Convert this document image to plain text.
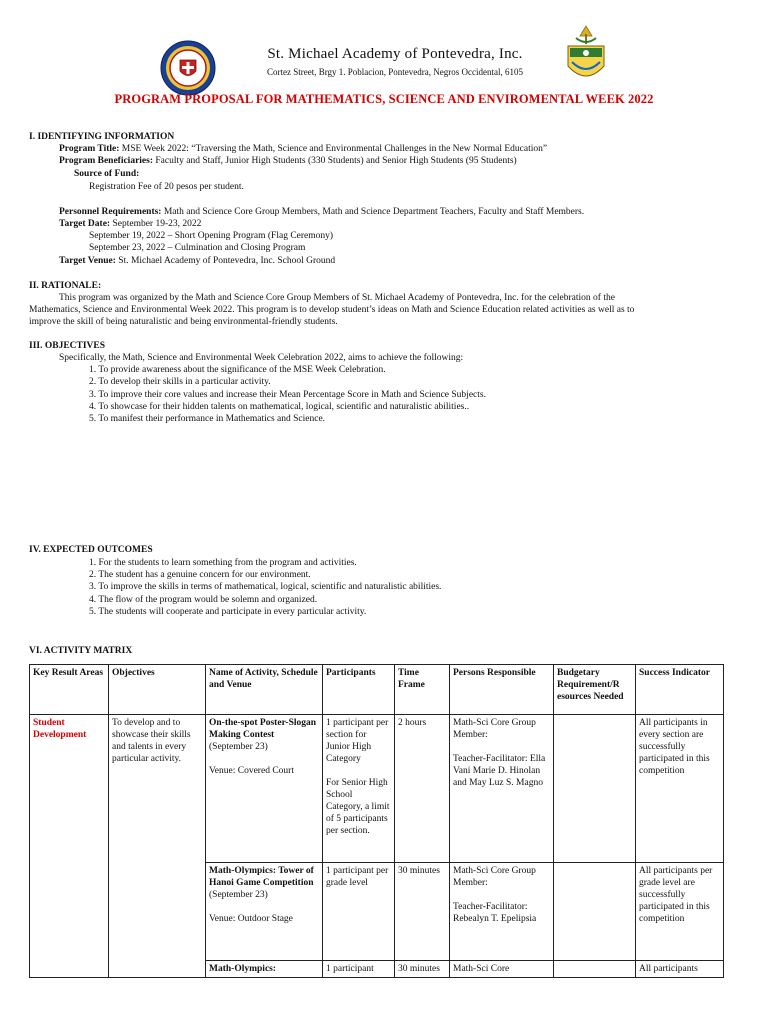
St. Michael Academy of Pontevedra, Inc.
Cortez Street, Brgy 1. Poblacion, Pontevedra, Negros Occidental, 6105
PROGRAM PROPOSAL FOR MATHEMATICS, SCIENCE AND ENVIROMENTAL WEEK 2022
I. IDENTIFYING INFORMATION
Program Title: MSE Week 2022: “Traversing the Math, Science and Environmental Challenges in the New Normal Education”
Program Beneficiaries: Faculty and Staff, Junior High Students (330 Students) and Senior High Students (95 Students)
Source of Fund:
Registration Fee of 20 pesos per student.
Personnel Requirements: Math and Science Core Group Members, Math and Science Department Teachers, Faculty and Staff Members.
Target Date: September 19-23, 2022
September 19, 2022 – Short Opening Program (Flag Ceremony)
September 23, 2022 – Culmination and Closing Program
Target Venue: St. Michael Academy of Pontevedra, Inc. School Ground
II. RATIONALE:
This program was organized by the Math and Science Core Group Members of St. Michael Academy of Pontevedra, Inc. for the celebration of the
Mathematics, Science and Environmental Week 2022. This program is to develop student’s ideas on Math and Science Education related activities as well as to
improve the skill of being naturalistic and being environmental-friendly students.
III. OBJECTIVES
Specifically, the Math, Science and Environmental Week Celebration 2022, aims to achieve the following:
1. To provide awareness about the significance of the MSE Week Celebration.
2. To develop their skills in a particular activity.
3. To improve their core values and increase their Mean Percentage Score in Math and Science Subjects.
4. To showcase for their hidden talents on mathematical, logical, scientific and naturalistic abilities..
5. To manifest their performance in Mathematics and Science.
IV. EXPECTED OUTCOMES
1. For the students to learn something from the program and activities.
2. The student has a genuine concern for our environment.
3. To improve the skills in terms of mathematical, logical, scientific and naturalistic abilities.
4. The flow of the program would be solemn and organized.
5. The students will cooperate and participate in every particular activity.
VI. ACTIVITY MATRIX
Key Result Areas	Objectives	Name of Activity, Schedule and Venue	Participants	Time Frame	Persons Responsible	Budgetary Requirement/R esources Needed	Success Indicator
Student Development	To develop and to showcase their skills and talents in every particular activity.	On-the-spot Poster-Slogan Making Contest
(September 23)
Venue: Covered Court	1 participant per section for Junior High Category
For Senior High School Category, a limit of 5 participants per section.	2 hours	Math-Sci Core Group Member:
Teacher-Facilitator: Ella Vani Marie D. Hinolan and May Luz S. Magno		All participants in every section are successfully participated in this competition

		Math-Olympics: Tower of Hanoi Game Competition
(September 23)
Venue: Outdoor Stage	1 participant per grade level	30 minutes	Math-Sci Core Group Member:
Teacher-Facilitator: Rebealyn T. Epelipsia		All participants per grade level are successfully participated in this competition
		Math-Olympics:	1 participant	30 minutes	Math-Sci Core		All participants
